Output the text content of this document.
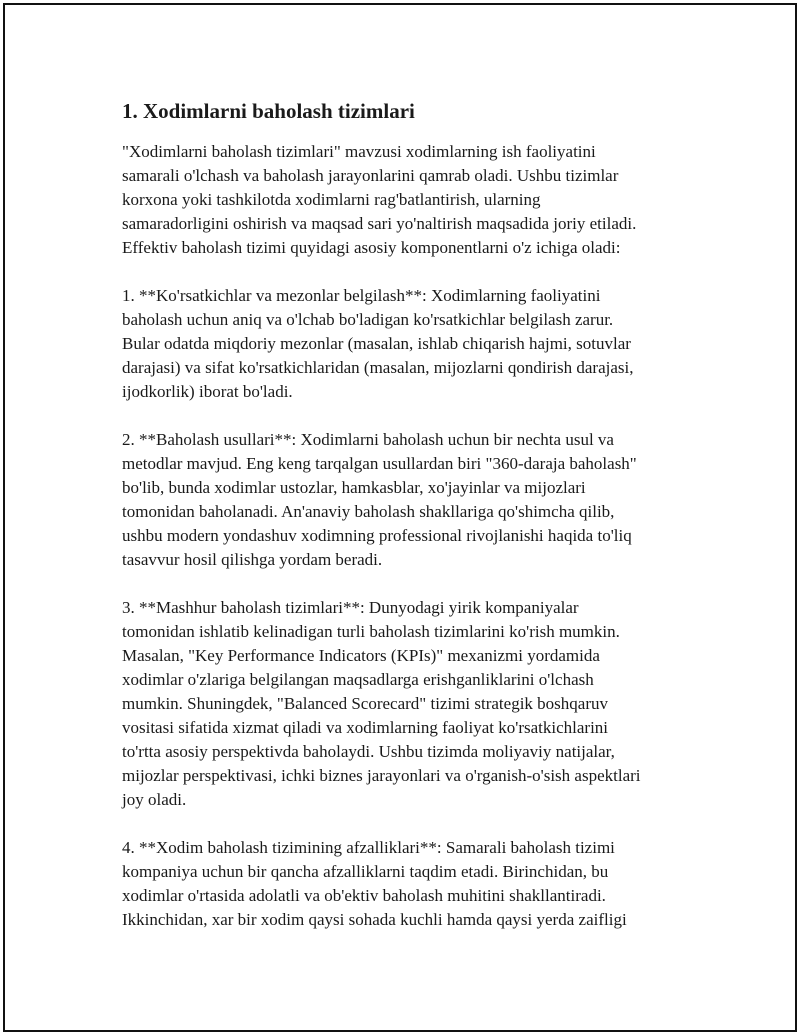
1. Xodimlarni baholash tizimlari

"Xodimlarni baholash tizimlari" mavzusi xodimlarning ish faoliyatini
samarali o'lchash va baholash jarayonlarini qamrab oladi. Ushbu tizimlar
korxona yoki tashkilotda xodimlarni rag'batlantirish, ularning
samaradorligini oshirish va maqsad sari yo'naltirish maqsadida joriy etiladi.
Effektiv baholash tizimi quyidagi asosiy komponentlarni o'z ichiga oladi:

1. **Ko'rsatkichlar va mezonlar belgilash**: Xodimlarning faoliyatini
baholash uchun aniq va o'lchab bo'ladigan ko'rsatkichlar belgilash zarur.
Bular odatda miqdoriy mezonlar (masalan, ishlab chiqarish hajmi, sotuvlar
darajasi) va sifat ko'rsatkichlaridan (masalan, mijozlarni qondirish darajasi,
ijodkorlik) iborat bo'ladi.

2. **Baholash usullari**: Xodimlarni baholash uchun bir nechta usul va
metodlar mavjud. Eng keng tarqalgan usullardan biri "360-daraja baholash"
bo'lib, bunda xodimlar ustozlar, hamkasblar, xo'jayinlar va mijozlari
tomonidan baholanadi. An'anaviy baholash shakllariga qo'shimcha qilib,
ushbu modern yondashuv xodimning professional rivojlanishi haqida to'liq
tasavvur hosil qilishga yordam beradi.

3. **Mashhur baholash tizimlari**: Dunyodagi yirik kompaniyalar
tomonidan ishlatib kelinadigan turli baholash tizimlarini ko'rish mumkin.
Masalan, "Key Performance Indicators (KPIs)" mexanizmi yordamida
xodimlar o'zlariga belgilangan maqsadlarga erishganliklarini o'lchash
mumkin. Shuningdek, "Balanced Scorecard" tizimi strategik boshqaruv
vositasi sifatida xizmat qiladi va xodimlarning faoliyat ko'rsatkichlarini
to'rtta asosiy perspektivda baholaydi. Ushbu tizimda moliyaviy natijalar,
mijozlar perspektivasi, ichki biznes jarayonlari va o'rganish-o'sish aspektlari
joy oladi.

4. **Xodim baholash tizimining afzalliklari**: Samarali baholash tizimi
kompaniya uchun bir qancha afzalliklarni taqdim etadi. Birinchidan, bu
xodimlar o'rtasida adolatli va ob'ektiv baholash muhitini shakllantiradi.
Ikkinchidan, xar bir xodim qaysi sohada kuchli hamda qaysi yerda zaifligi
